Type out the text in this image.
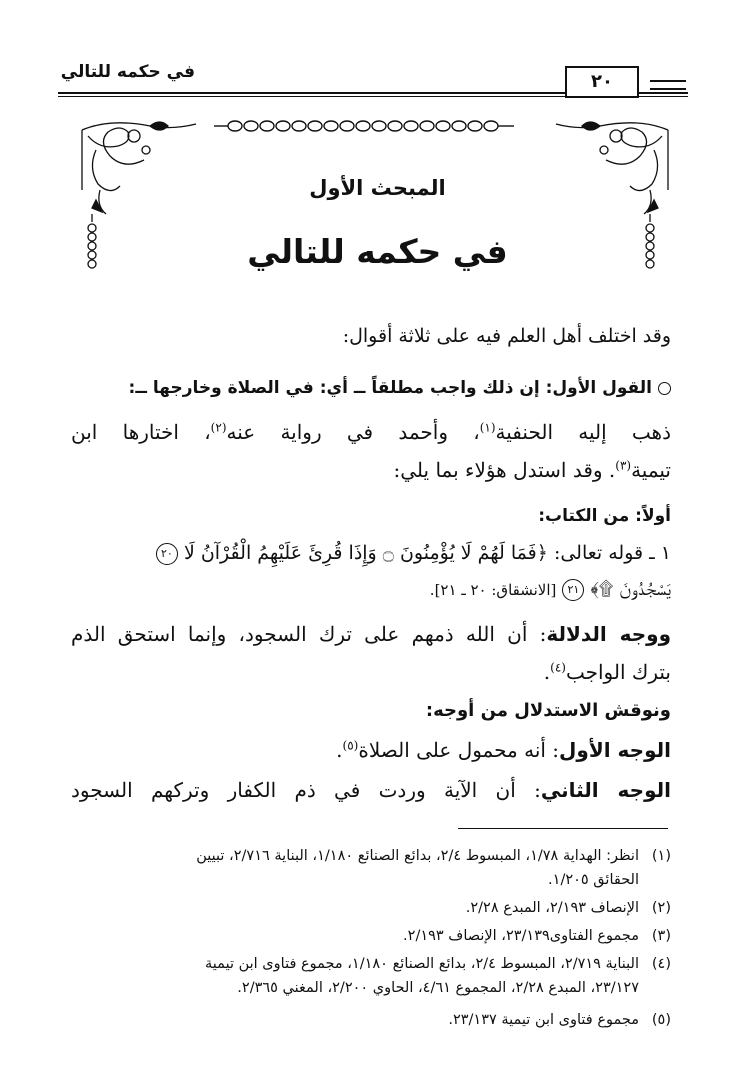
في حكمه للتالي	٢٠
المبحث الأول
في حكمه للتالي
وقد اختلف أهل العلم فيه على ثلاثة أقوال:
القول الأول: إن ذلك واجب مطلقاً ــ أي: في الصلاة وخارجها ــ:
ذهب إليه الحنفية$^{(١)}$، وأحمد في رواية عنه$^{(٢)}$، اختارها ابن
تيمية$^{(٣)}$. وقد استدل هؤلاء بما يلي:
أولاً: من الكتاب:
١ ـ قوله تعالى: ﴿فَمَا لَهُمْ لَا يُؤْمِنُونَ ۝ وَإِذَا قُرِئَ عَلَيْهِمُ الْقُرْآنُ لَا ٢٠
يَسْجُدُونَ ۩﴾ ٢١ [الانشقاق: ٢٠ ـ ٢١].
ووجه الدلالة: أن الله ذمهم على ترك السجود، وإنما استحق الذم
بترك الواجب$^{(٤)}$.
ونوقش الاستدلال من أوجه:
الوجه الأول: أنه محمول على الصلاة$^{(٥)}$.
الوجه الثاني: أن الآية وردت في ذم الكفار وتركهم السجود
(١)انظر: الهداية ١/٧٨، المبسوط ٢/٤، بدائع الصنائع ١/١٨٠، البناية ٢/٧١٦، تبيين
الحقائق ١/٢٠٥.
(٢)الإنصاف ٢/١٩٣، المبدع ٢/٢٨.
(٣)مجموع الفتاوى٢٣/١٣٩، الإنصاف ٢/١٩٣.
(٤)البناية ٢/٧١٩، المبسوط ٢/٤، بدائع الصنائع ١/١٨٠، مجموع فتاوى ابن تيمية
٢٣/١٢٧، المبدع ٢/٢٨، المجموع ٤/٦١، الحاوي ٢/٢٠٠، المغني ٢/٣٦٥.
(٥)مجموع فتاوى ابن تيمية ٢٣/١٣٧.
